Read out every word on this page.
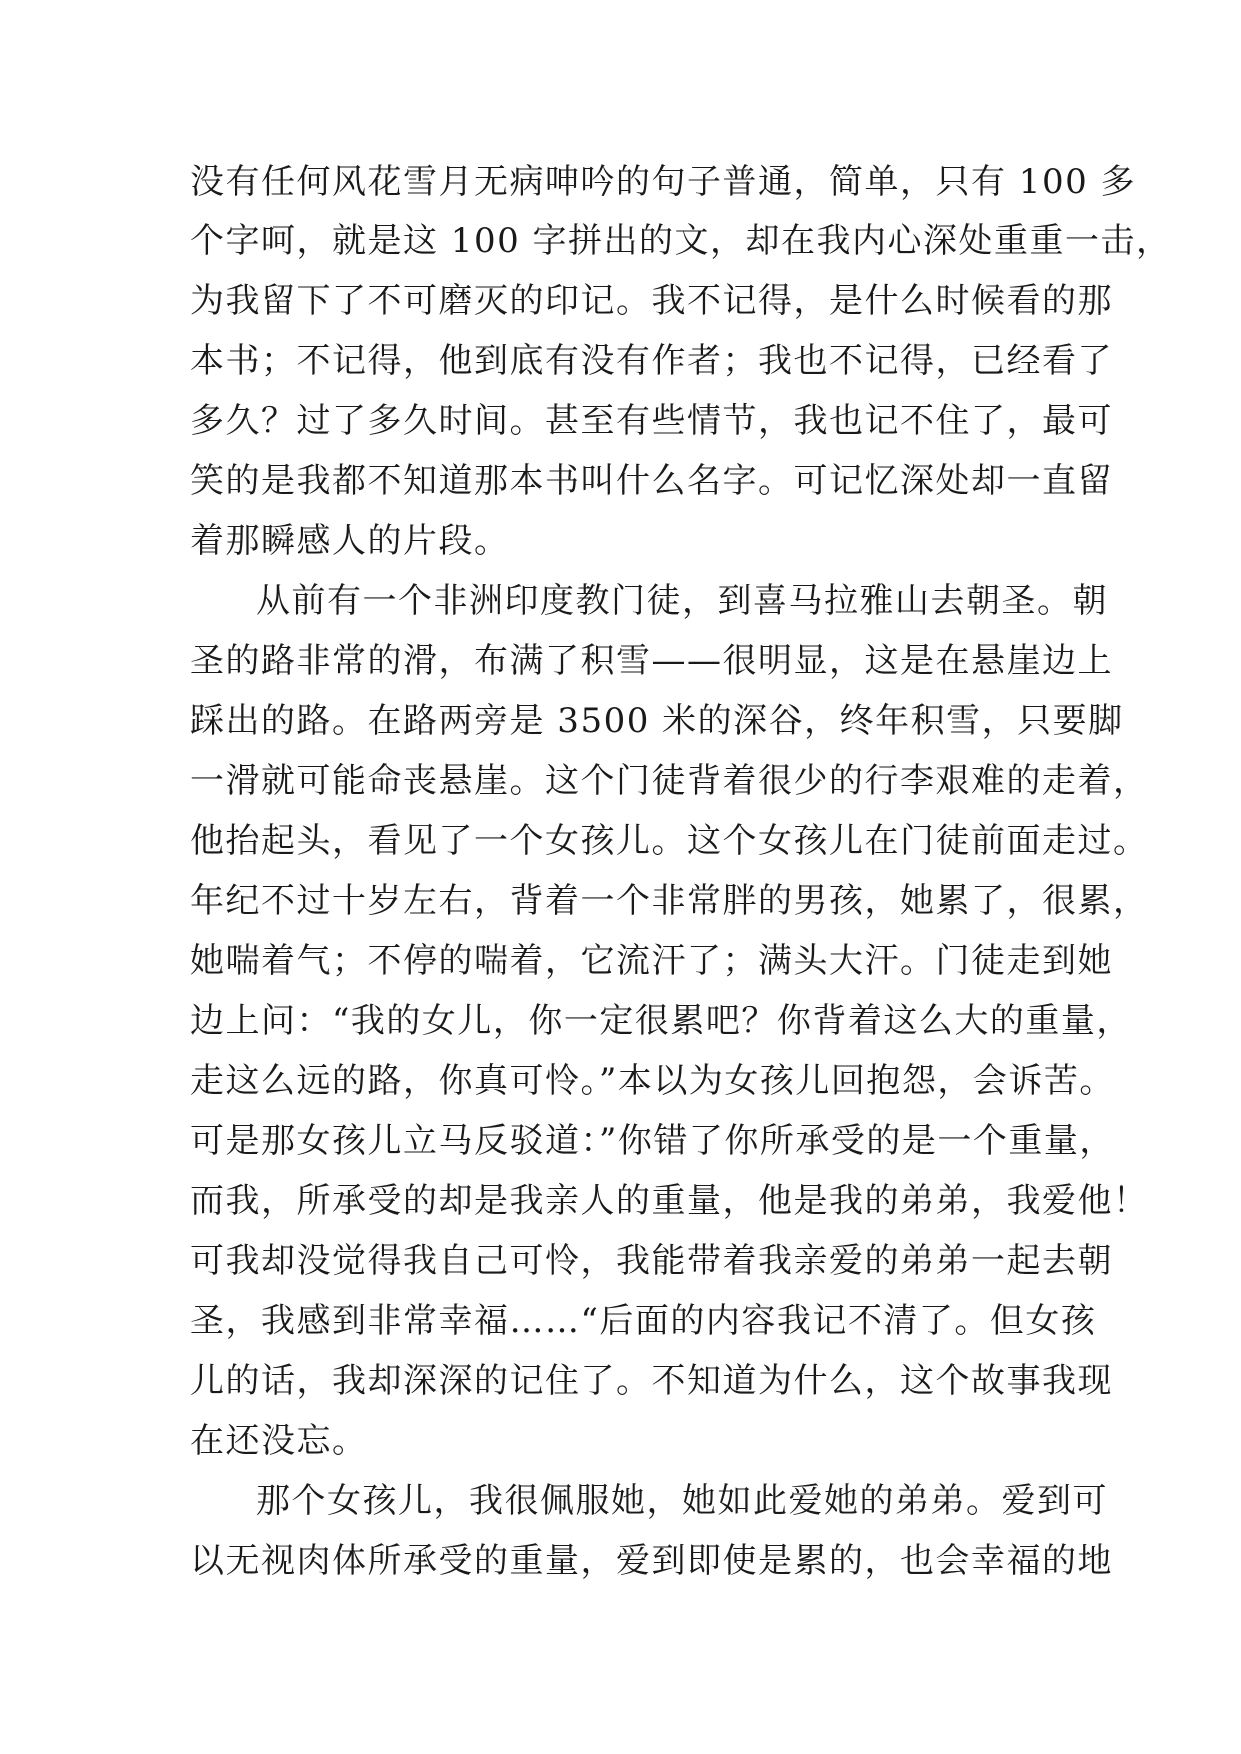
没有任何风花雪月无病呻吟的句子普通，简单，只有 100 多
个字呵，就是这 100 字拼出的文，却在我内心深处重重一击，
为我留下了不可磨灭的印记。我不记得，是什么时候看的那
本书；不记得，他到底有没有作者；我也不记得，已经看了
多久？过了多久时间。甚至有些情节，我也记不住了，最可
笑的是我都不知道那本书叫什么名字。可记忆深处却一直留
着那瞬感人的片段。
从前有一个非洲印度教门徒，到喜马拉雅山去朝圣。朝
圣的路非常的滑，布满了积雪——很明显，这是在悬崖边上
踩出的路。在路两旁是 3500 米的深谷，终年积雪，只要脚
一滑就可能命丧悬崖。这个门徒背着很少的行李艰难的走着，
他抬起头，看见了一个女孩儿。这个女孩儿在门徒前面走过。
年纪不过十岁左右，背着一个非常胖的男孩，她累了，很累，
她喘着气；不停的喘着，它流汗了；满头大汗。门徒走到她
边上问：“我的女儿，你一定很累吧？你背着这么大的重量，
走这么远的路，你真可怜。”本以为女孩儿回抱怨，会诉苦。
可是那女孩儿立马反驳道：”你错了你所承受的是一个重量，
而我，所承受的却是我亲人的重量，他是我的弟弟，我爱他！
可我却没觉得我自己可怜，我能带着我亲爱的弟弟一起去朝
圣，我感到非常幸福……“后面的内容我记不清了。但女孩
儿的话，我却深深的记住了。不知道为什么，这个故事我现
在还没忘。
那个女孩儿，我很佩服她，她如此爱她的弟弟。爱到可
以无视肉体所承受的重量，爱到即使是累的，也会幸福的地
